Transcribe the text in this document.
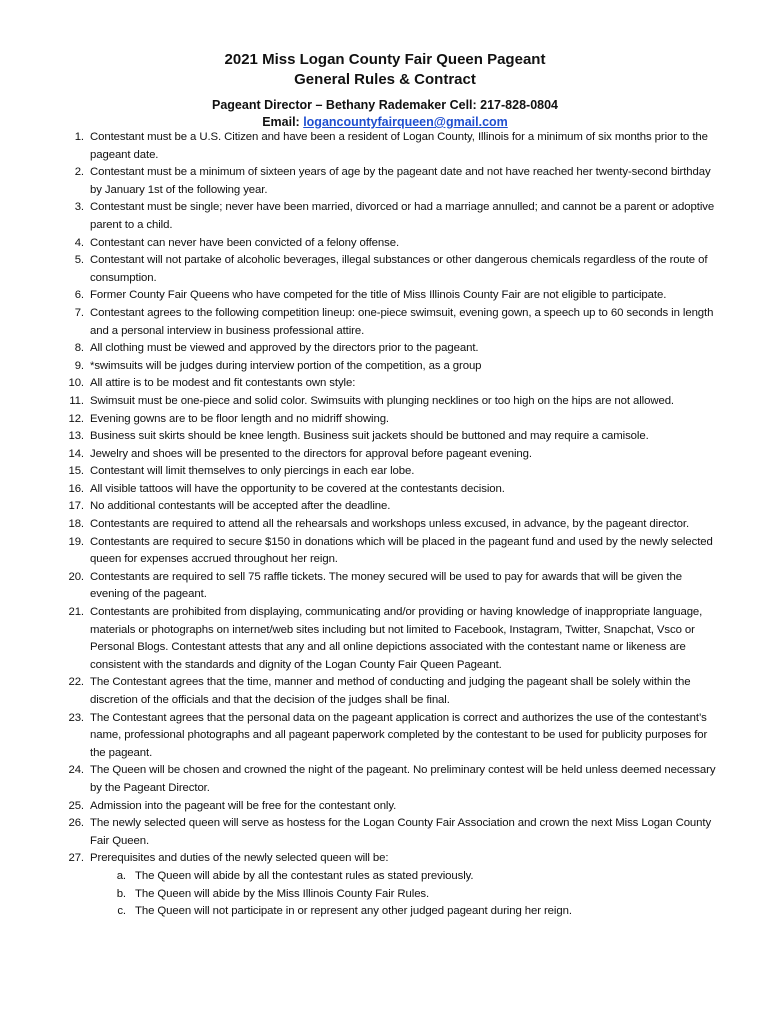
2021 Miss Logan County Fair Queen Pageant
General Rules & Contract
Pageant Director – Bethany Rademaker Cell: 217-828-0804
Email: logancountyfairqueen@gmail.com
1. Contestant must be a U.S. Citizen and have been a resident of Logan County, Illinois for a minimum of six months prior to the pageant date.
2. Contestant must be a minimum of sixteen years of age by the pageant date and not have reached her twenty-second birthday by January 1st of the following year.
3. Contestant must be single; never have been married, divorced or had a marriage annulled; and cannot be a parent or adoptive parent to a child.
4. Contestant can never have been convicted of a felony offense.
5. Contestant will not partake of alcoholic beverages, illegal substances or other dangerous chemicals regardless of the route of consumption.
6. Former County Fair Queens who have competed for the title of Miss Illinois County Fair are not eligible to participate.
7. Contestant agrees to the following competition lineup: one-piece swimsuit, evening gown, a speech up to 60 seconds in length and a personal interview in business professional attire.
8. All clothing must be viewed and approved by the directors prior to the pageant.
9. *swimsuits will be judges during interview portion of the competition, as a group
10. All attire is to be modest and fit contestants own style:
11. Swimsuit must be one-piece and solid color. Swimsuits with plunging necklines or too high on the hips are not allowed.
12. Evening gowns are to be floor length and no midriff showing.
13. Business suit skirts should be knee length. Business suit jackets should be buttoned and may require a camisole.
14. Jewelry and shoes will be presented to the directors for approval before pageant evening.
15. Contestant will limit themselves to only piercings in each ear lobe.
16. All visible tattoos will have the opportunity to be covered at the contestants decision.
17. No additional contestants will be accepted after the deadline.
18. Contestants are required to attend all the rehearsals and workshops unless excused, in advance, by the pageant director.
19. Contestants are required to secure $150 in donations which will be placed in the pageant fund and used by the newly selected queen for expenses accrued throughout her reign.
20. Contestants are required to sell 75 raffle tickets. The money secured will be used to pay for awards that will be given the evening of the pageant.
21. Contestants are prohibited from displaying, communicating and/or providing or having knowledge of inappropriate language, materials or photographs on internet/web sites including but not limited to Facebook, Instagram, Twitter, Snapchat, Vsco or Personal Blogs. Contestant attests that any and all online depictions associated with the contestant name or likeness are consistent with the standards and dignity of the Logan County Fair Queen Pageant.
22. The Contestant agrees that the time, manner and method of conducting and judging the pageant shall be solely within the discretion of the officials and that the decision of the judges shall be final.
23. The Contestant agrees that the personal data on the pageant application is correct and authorizes the use of the contestant’s name, professional photographs and all pageant paperwork completed by the contestant to be used for publicity purposes for the pageant.
24. The Queen will be chosen and crowned the night of the pageant. No preliminary contest will be held unless deemed necessary by the Pageant Director.
25. Admission into the pageant will be free for the contestant only.
26. The newly selected queen will serve as hostess for the Logan County Fair Association and crown the next Miss Logan County Fair Queen.
27. Prerequisites and duties of the newly selected queen will be:
a. The Queen will abide by all the contestant rules as stated previously.
b. The Queen will abide by the Miss Illinois County Fair Rules.
c. The Queen will not participate in or represent any other judged pageant during her reign.
